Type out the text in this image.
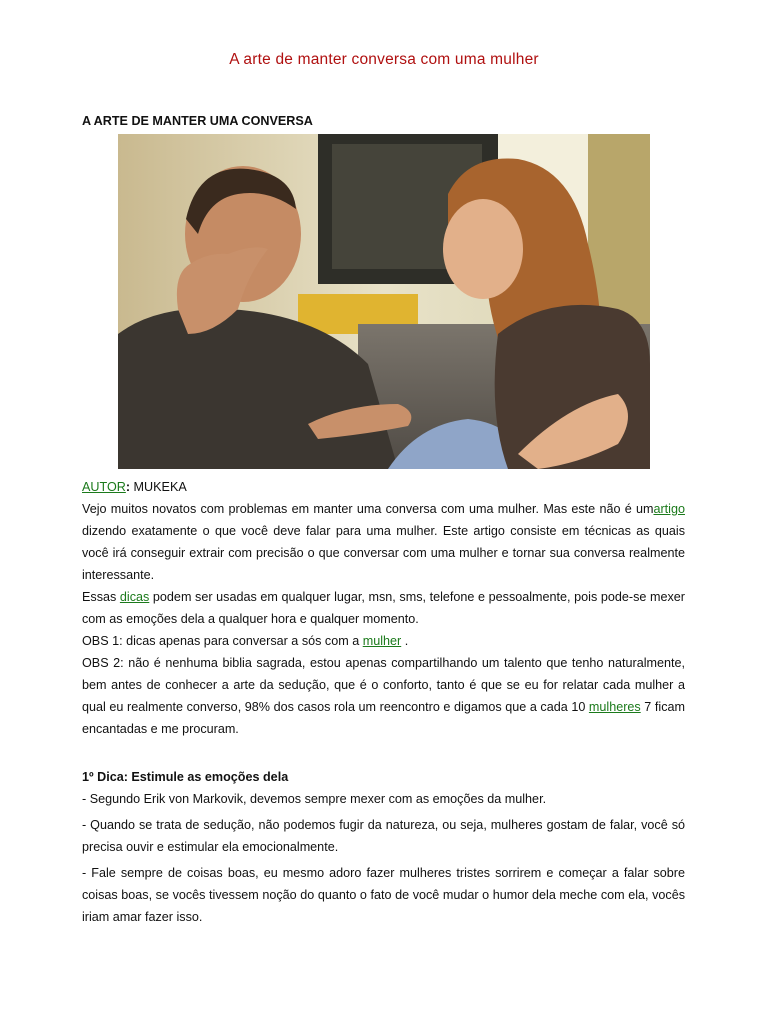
A arte de manter conversa com uma mulher
A ARTE DE MANTER UMA CONVERSA

AUTOR: MUKEKA

Vejo muitos novatos com problemas em manter uma conversa com uma mulher. Mas este não é umartigo dizendo exatamente o que você deve falar para uma mulher. Este artigo consiste em técnicas as quais você irá conseguir extrair com precisão o que conversar com uma mulher e tornar sua conversa realmente interessante.

Essas dicas podem ser usadas em qualquer lugar, msn, sms, telefone e pessoalmente, pois pode-se mexer com as emoções dela a qualquer hora e qualquer momento.

OBS 1: dicas apenas para conversar a sós com a mulher .

OBS 2: não é nenhuma biblia sagrada, estou apenas compartilhando um talento que tenho naturalmente, bem antes de conhecer a arte da sedução, que é o conforto, tanto é que se eu for relatar cada mulher a qual eu realmente converso, 98% dos casos rola um reencontro e digamos que a cada 10 mulheres 7 ficam encantadas e me procuram.

1º Dica: Estimule as emoções dela

- Segundo Erik von Markovik, devemos sempre mexer com as emoções da mulher.

- Quando se trata de sedução, não podemos fugir da natureza, ou seja, mulheres gostam de falar, você só precisa ouvir e estimular ela emocionalmente.

- Fale sempre de coisas boas, eu mesmo adoro fazer mulheres tristes sorrirem e começar a falar sobre coisas boas, se vocês tivessem noção do quanto o fato de você mudar o humor dela meche com ela, vocês iriam amar fazer isso.
